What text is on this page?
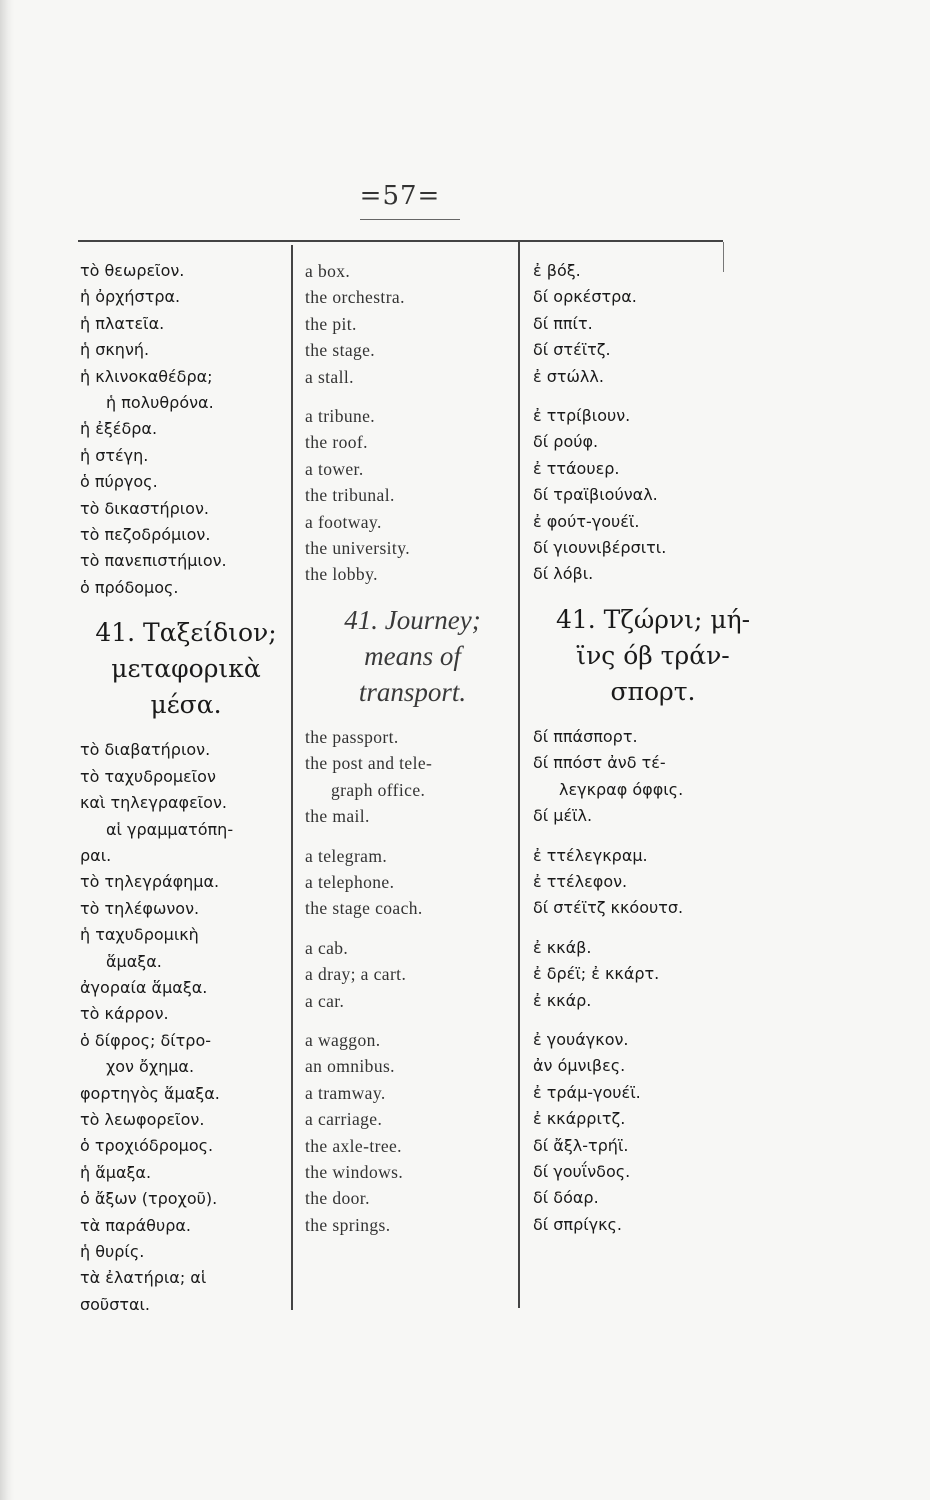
=57=
τὸ θεωρεῖον.
ἡ ὀρχήστρα.
ἡ πλατεῖα.
ἡ σκηνή.
ἡ κλινοκαθέδρα;
ἡ πολυθρόνα.
ἡ ἐξέδρα.
ἡ στέγη.
ὁ πύργος.
τὸ δικαστήριον.
τὸ πεζοδρόμιον.
τὸ πανεπιστήμιον.
ὁ πρόδομος.
41. Ταξείδιον;
μεταφορικὰ
μέσα.
τὸ διαβατήριον.
τὸ ταχυδρομεῖον
καὶ τηλεγραφεῖον.
αἱ γραμματόπη-
ραι.
τὸ τηλεγράφημα.
τὸ τηλέφωνον.
ἡ ταχυδρομικὴ
ἅμαξα.
ἀγοραία ἅμαξα.
τὸ κάρρον.
ὁ δίφρος; δίτρο-
χον ὄχημα.
φορτηγὸς ἅμαξα.
τὸ λεωφορεῖον.
ὁ τροχιόδρομος.
ἡ ἅμαξα.
ὁ ἄξων (τροχοῦ).
τὰ παράθυρα.
ἡ θυρίς.
τὰ ἐλατήρια; αἱ
σοῦσται.
a box.
the orchestra.
the pit.
the stage.
a stall.
a tribune.
the roof.
a tower.
the tribunal.
a footway.
the university.
the lobby.
41. Journey;
means of
transport.
the passport.
the post and tele-
graph office.
the mail.
a telegram.
a telephone.
the stage coach.
a cab.
a dray; a cart.
a car.
a waggon.
an omnibus.
a tramway.
a carriage.
the axle-tree.
the windows.
the door.
the springs.
ἐ βόξ.
δί ορκέστρα.
δί ππίτ.
δί στέϊτζ.
ἐ στώλλ.
ἐ ττρίβιουν.
δί ρούφ.
ἐ ττάουερ.
δί τραϊβιούναλ.
ἐ φούτ-γουέϊ.
δί γιουνιβέρσιτι.
δί λόβι.
41. Τζώρνι; μή-
ϊνς όβ τράν-
σπορτ.
δί ππάσπορτ.
δί ππόστ ἀνδ τέ-
λεγκραφ όφφις.
δί μέϊλ.
ἐ ττέλεγκραμ.
ἐ ττέλεφον.
δί στέϊτζ κκόουτσ.
ἐ κκάβ.
ἐ δρέϊ; ἐ κκάρτ.
ἐ κκάρ.
ἐ γουάγκον.
ἀν όμνιβες.
ἐ τράμ-γουέϊ.
ἐ κκάρριτζ.
δί ἄξλ-τρήϊ.
δί γουΐνδος.
δί δόαρ.
δί σπρίγκς.
